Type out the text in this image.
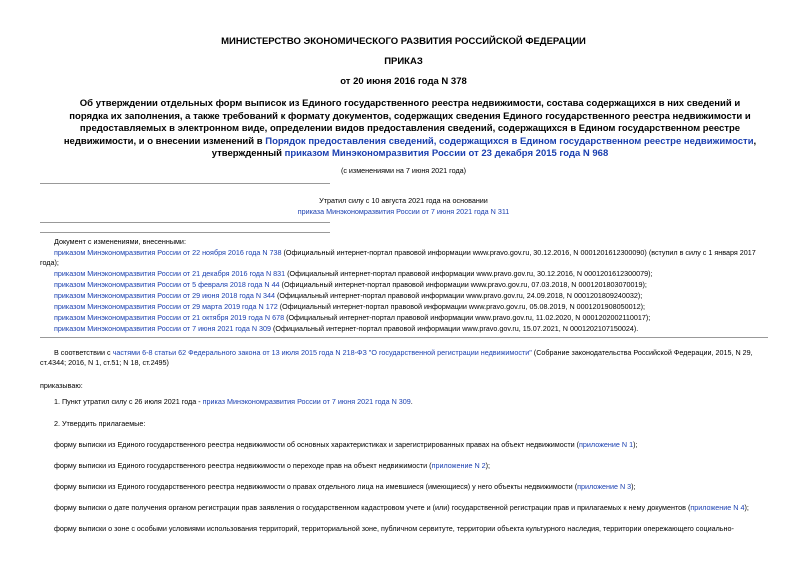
МИНИСТЕРСТВО ЭКОНОМИЧЕСКОГО РАЗВИТИЯ РОССИЙСКОЙ ФЕДЕРАЦИИ
ПРИКАЗ
от 20 июня 2016 года N 378
Об утверждении отдельных форм выписок из Единого государственного реестра недвижимости, состава содержащихся в них сведений и порядка их заполнения, а также требований к формату документов, содержащих сведения Единого государственного реестра недвижимости и предоставляемых в электронном виде, определении видов предоставления сведений, содержащихся в Едином государственном реестре недвижимости, и о внесении изменений в Порядок предоставления сведений, содержащихся в Едином государственном реестре недвижимости, утвержденный приказом Минэкономразвития России от 23 декабря 2015 года N 968
(с изменениями на 7 июня 2021 года)
Утратил силу с 10 августа 2021 года на основании
приказа Минэкономразвития России от 7 июня 2021 года N 311
Документ с изменениями, внесенными:
приказом Минэкономразвития России от 22 ноября 2016 года N 738 (Официальный интернет-портал правовой информации www.pravo.gov.ru, 30.12.2016, N 0001201612300090) (вступил в силу с 1 января 2017 года);
приказом Минэкономразвития России от 21 декабря 2016 года N 831 (Официальный интернет-портал правовой информации www.pravo.gov.ru, 30.12.2016, N 0001201612300079);
приказом Минэкономразвития России от 5 февраля 2018 года N 44 (Официальный интернет-портал правовой информации www.pravo.gov.ru, 07.03.2018, N 0001201803070019);
приказом Минэкономразвития России от 29 июня 2018 года N 344 (Официальный интернет-портал правовой информации www.pravo.gov.ru, 24.09.2018, N 0001201809240032);
приказом Минэкономразвития России от 29 марта 2019 года N 172 (Официальный интернет-портал правовой информации www.pravo.gov.ru, 05.08.2019, N 0001201908050012);
приказом Минэкономразвития России от 21 октября 2019 года N 678 (Официальный интернет-портал правовой информации www.pravo.gov.ru, 11.02.2020, N 0001202002110017);
приказом Минэкономразвития России от 7 июня 2021 года N 309 (Официальный интернет-портал правовой информации www.pravo.gov.ru, 15.07.2021, N 0001202107150024).
В соответствии с частями 6-8 статьи 62 Федерального закона от 13 июля 2015 года N 218-ФЗ "О государственной регистрации недвижимости" (Собрание законодательства Российской Федерации, 2015, N 29, ст.4344; 2016, N 1, ст.51; N 18, ст.2495)
приказываю:
1. Пункт утратил силу с 26 июля 2021 года - приказ Минэкономразвития России от 7 июня 2021 года N 309.
2. Утвердить прилагаемые:
форму выписки из Единого государственного реестра недвижимости об основных характеристиках и зарегистрированных правах на объект недвижимости (приложение N 1);
форму выписки из Единого государственного реестра недвижимости о переходе прав на объект недвижимости (приложение N 2);
форму выписки из Единого государственного реестра недвижимости о правах отдельного лица на имевшиеся (имеющиеся) у него объекты недвижимости (приложение N 3);
форму выписки о дате получения органом регистрации прав заявления о государственном кадастровом учете и (или) государственной регистрации прав и прилагаемых к нему документов (приложение N 4);
форму выписки о зоне с особыми условиями использования территорий, территориальной зоне, публичном сервитуте, территории объекта культурного наследия, территории опережающего социально-
